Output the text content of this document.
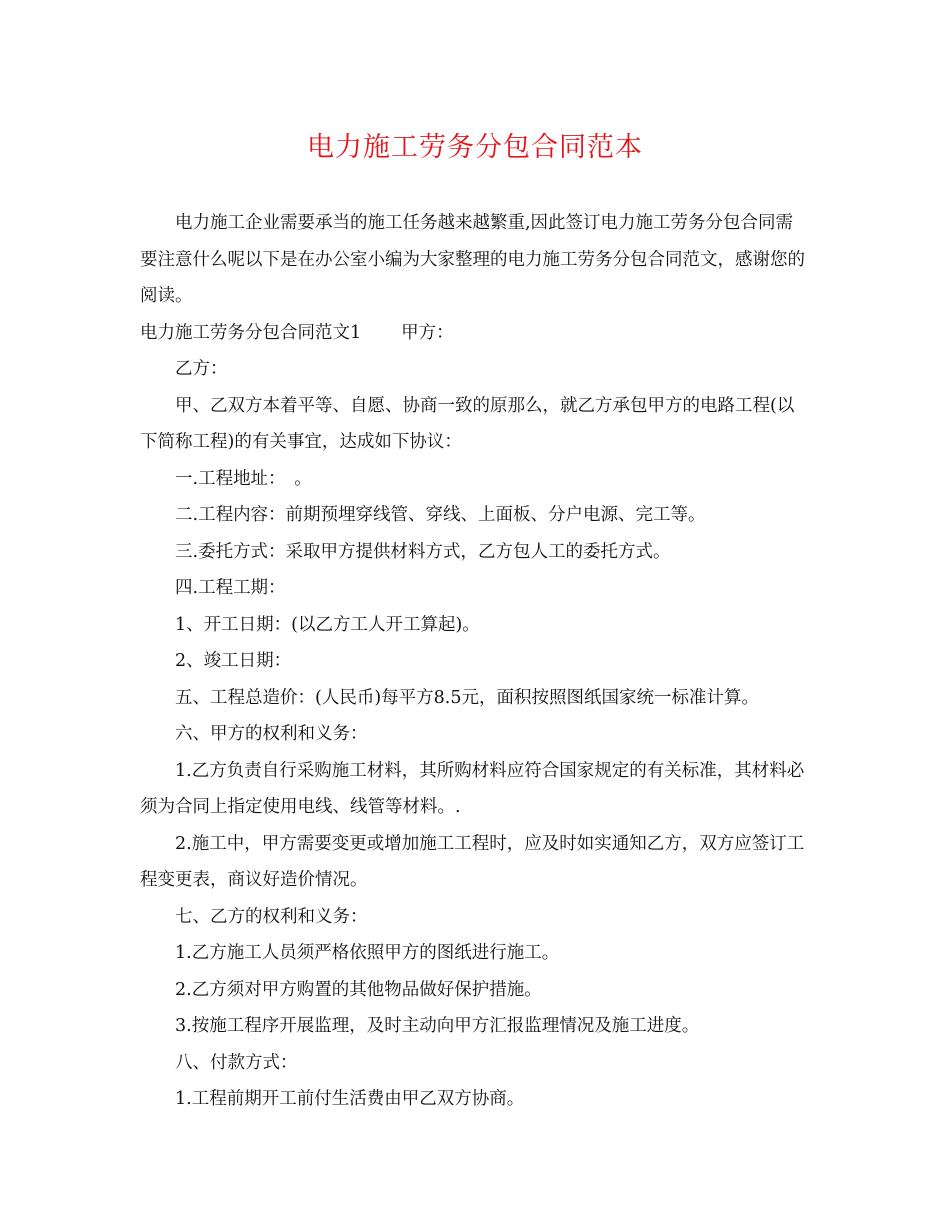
电力施工劳务分包合同范本

电力施工企业需要承当的施工任务越来越繁重,因此签订电力施工劳务分包合同需要注意什么呢以下是在办公室小编为大家整理的电力施工劳务分包合同范文，感谢您的阅读。

电力施工劳务分包合同范文1 甲方：

乙方：

甲、乙双方本着平等、自愿、协商一致的原那么，就乙方承包甲方的电路工程(以下简称工程)的有关事宜，达成如下协议：

一.工程地址：　。

二.工程内容：前期预埋穿线管、穿线、上面板、分户电源、完工等。

三.委托方式：采取甲方提供材料方式，乙方包人工的委托方式。

四.工程工期：

1、开工日期：(以乙方工人开工算起)。

2、竣工日期：

五、工程总造价：(人民币)每平方8.5元，面积按照图纸国家统一标准计算。

六、甲方的权利和义务：

1.乙方负责自行采购施工材料，其所购材料应符合国家规定的有关标准，其材料必须为合同上指定使用电线、线管等材料。.

2.施工中，甲方需要变更或增加施工工程时，应及时如实通知乙方，双方应签订工程变更表，商议好造价情况。

七、乙方的权利和义务：

1.乙方施工人员须严格依照甲方的图纸进行施工。

2.乙方须对甲方购置的其他物品做好保护措施。

3.按施工程序开展监理，及时主动向甲方汇报监理情况及施工进度。

八、付款方式：

1.工程前期开工前付生活费由甲乙双方协商。
